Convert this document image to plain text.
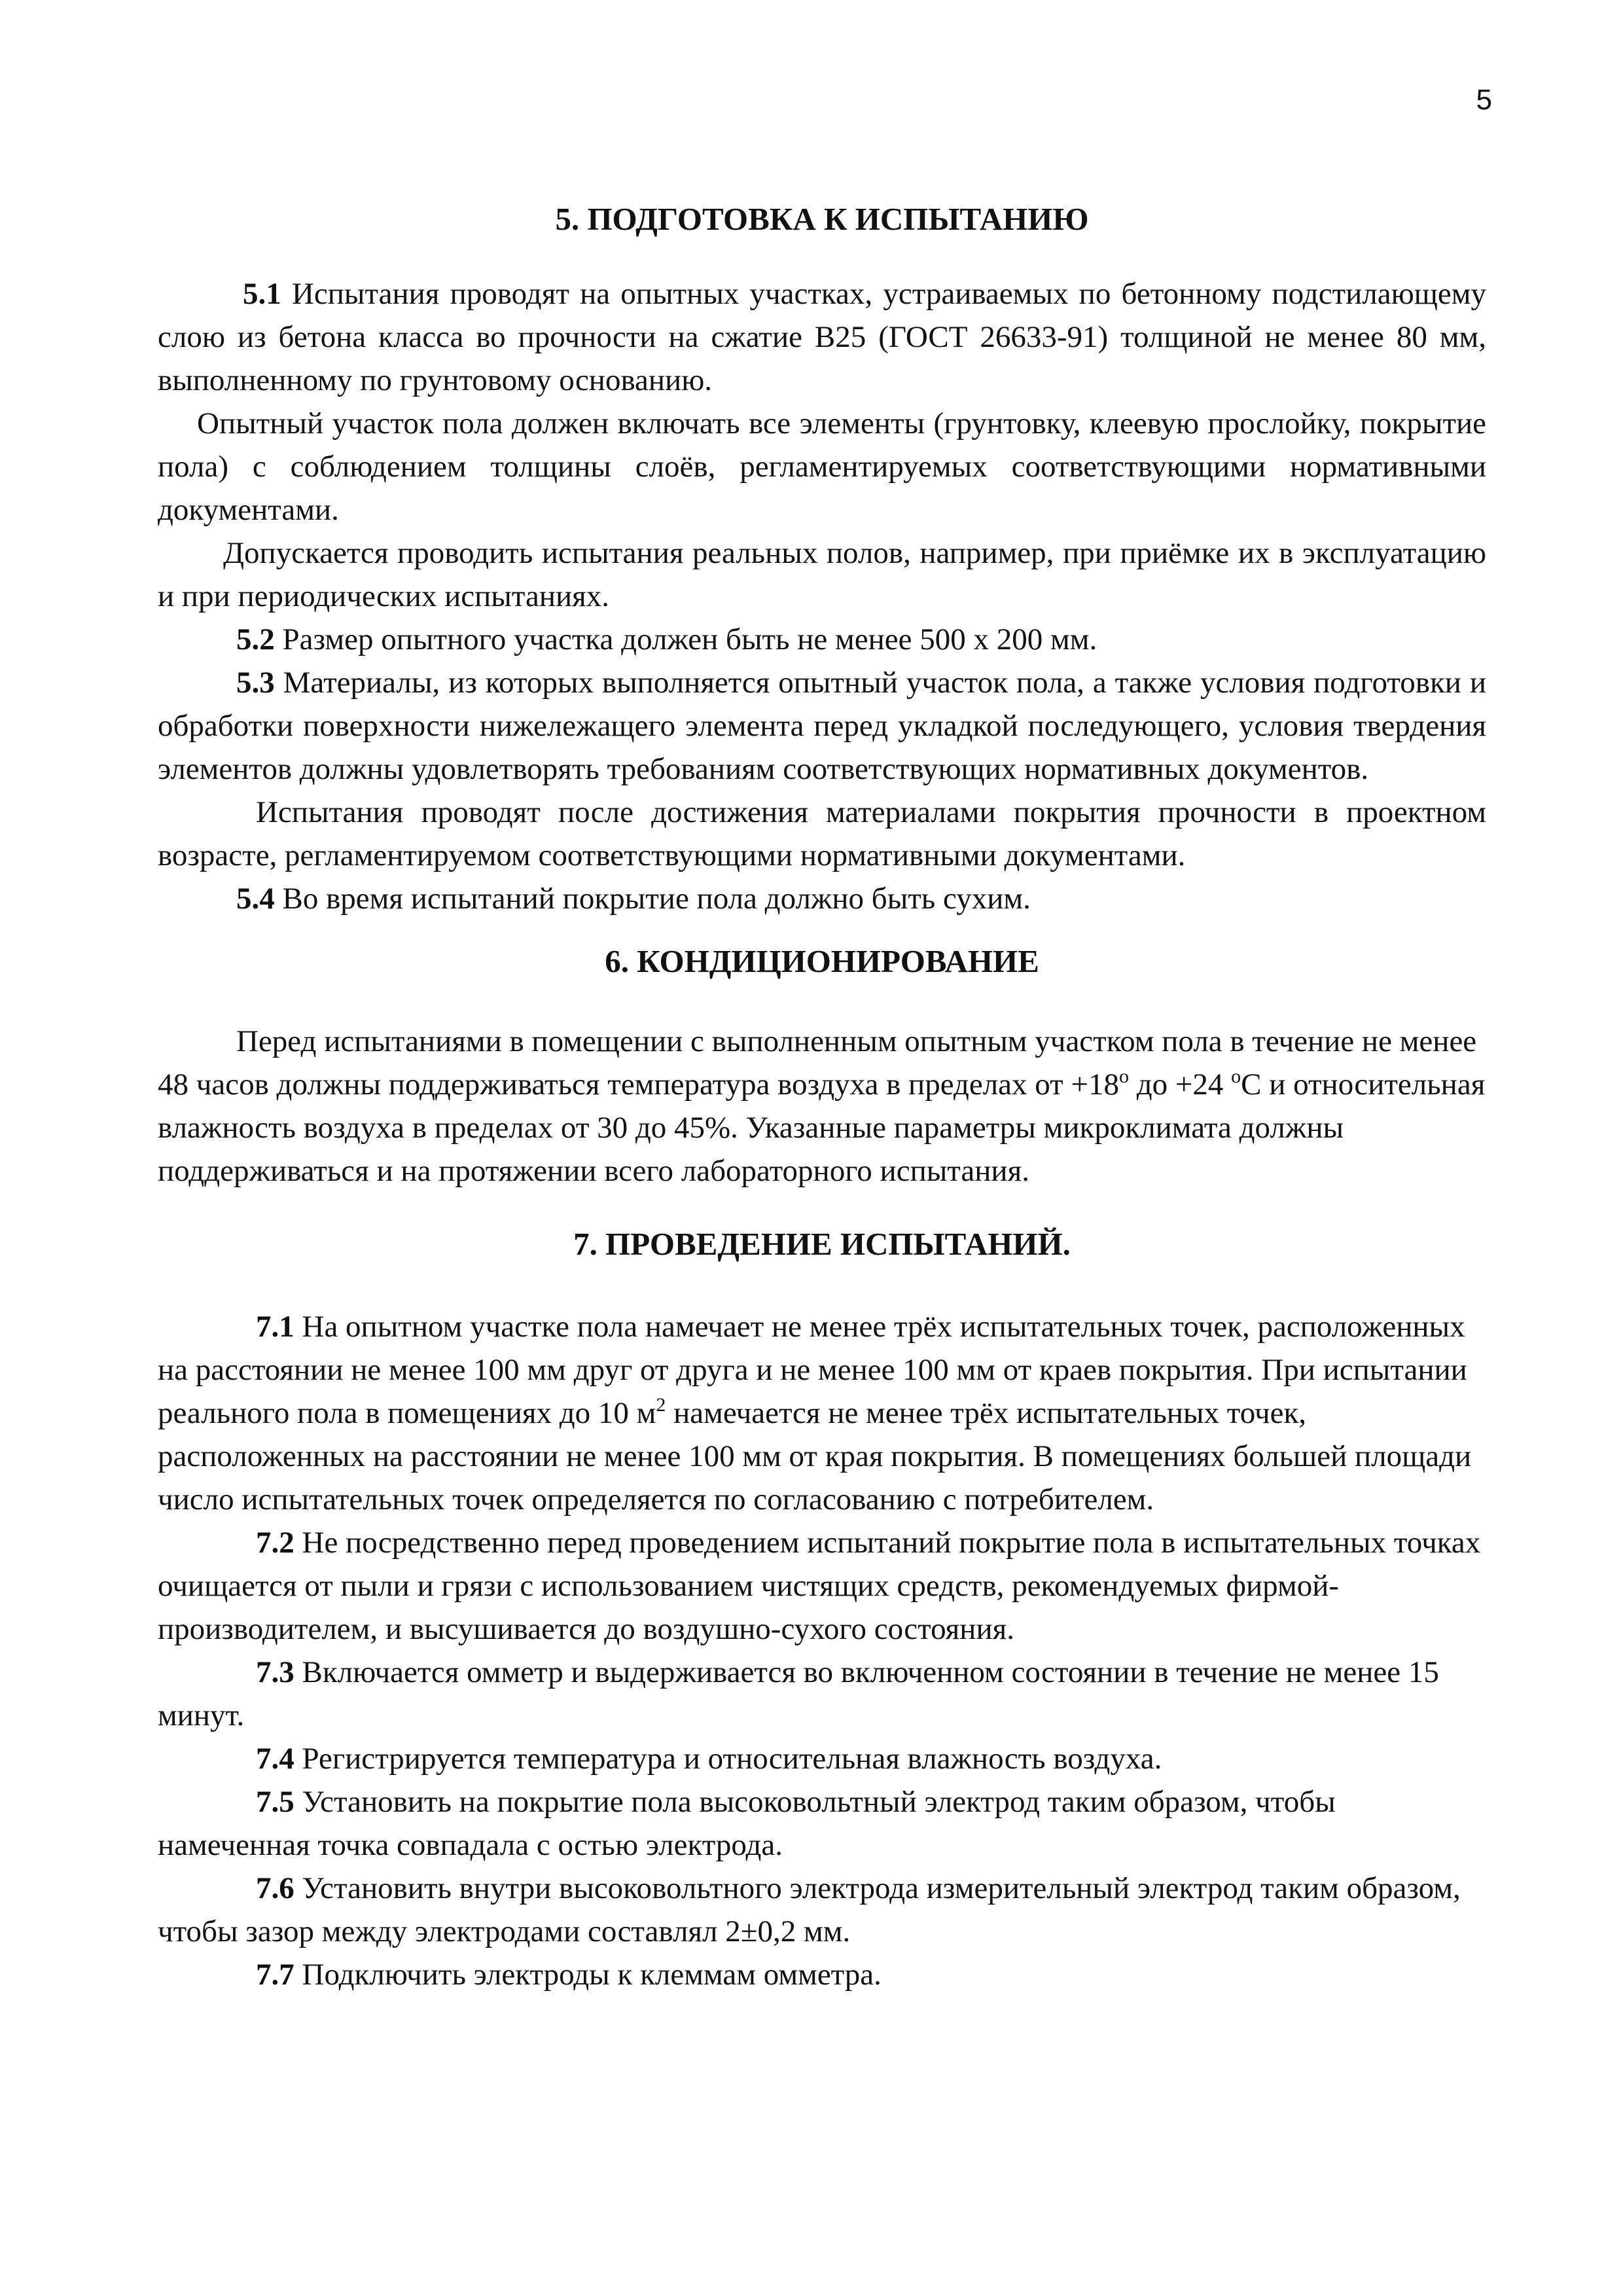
5
5. ПОДГОТОВКА К ИСПЫТАНИЮ

5.1 Испытания проводят на опытных участках, устраиваемых по бетонному подстилающему слою из бетона класса во прочности на сжатие В25 (ГОСТ 26633-91) толщиной не менее 80 мм, выполненному по грунтовому основанию.

Опытный участок пола должен включать все элементы (грунтовку, клеевую прослойку, покрытие пола) с соблюдением толщины слоёв, регламентируемых соответствующими нормативными документами.

Допускается проводить испытания реальных полов, например, при приёмке их в эксплуатацию и при периодических испытаниях.

5.2 Размер опытного участка должен быть не менее 500 х 200 мм.

5.3 Материалы, из которых выполняется опытный участок пола, а также условия подготовки и обработки поверхности нижележащего элемента перед укладкой последующего, условия твердения элементов должны удовлетворять требованиям соответствующих нормативных документов.

Испытания проводят после достижения материалами покрытия прочности в проектном возрасте, регламентируемом соответствующими нормативными документами.

5.4 Во время испытаний покрытие пола должно быть сухим.

6. КОНДИЦИОНИРОВАНИЕ

Перед испытаниями в помещении с выполненным опытным участком пола в течение не менее 48 часов должны поддерживаться температура воздуха в пределах от $+18^о$ до +24 $^о$С и относительная влажность воздуха в пределах от 30 до 45%. Указанные параметры микроклимата должны поддерживаться и на протяжении всего лабораторного испытания.

7. ПРОВЕДЕНИЕ ИСПЫТАНИЙ.

7.1 На опытном участке пола намечает не менее трёх испытательных точек, расположенных на расстоянии не менее 100 мм друг от друга и не менее 100 мм от краев покрытия. При испытании реального пола в помещениях до 10 $м^2$ намечается не менее трёх испытательных точек, расположенных на расстоянии не менее 100 мм от края покрытия. В помещениях большей площади число испытательных точек определяется по согласованию с потребителем.

7.2 Не посредственно перед проведением испытаний покрытие пола в испытательных точках очищается от пыли и грязи с использованием чистящих средств, рекомендуемых фирмой-производителем, и высушивается до воздушно-сухого состояния.

7.3 Включается омметр и выдерживается во включенном состоянии в течение не менее 15 минут.

7.4 Регистрируется температура и относительная влажность воздуха.

7.5 Установить на покрытие пола высоковольтный электрод таким образом, чтобы намеченная точка совпадала с остью электрода.

7.6 Установить внутри высоковольтного электрода измерительный электрод таким образом, чтобы зазор между электродами составлял 2±0,2 мм.

7.7 Подключить электроды к клеммам омметра.
